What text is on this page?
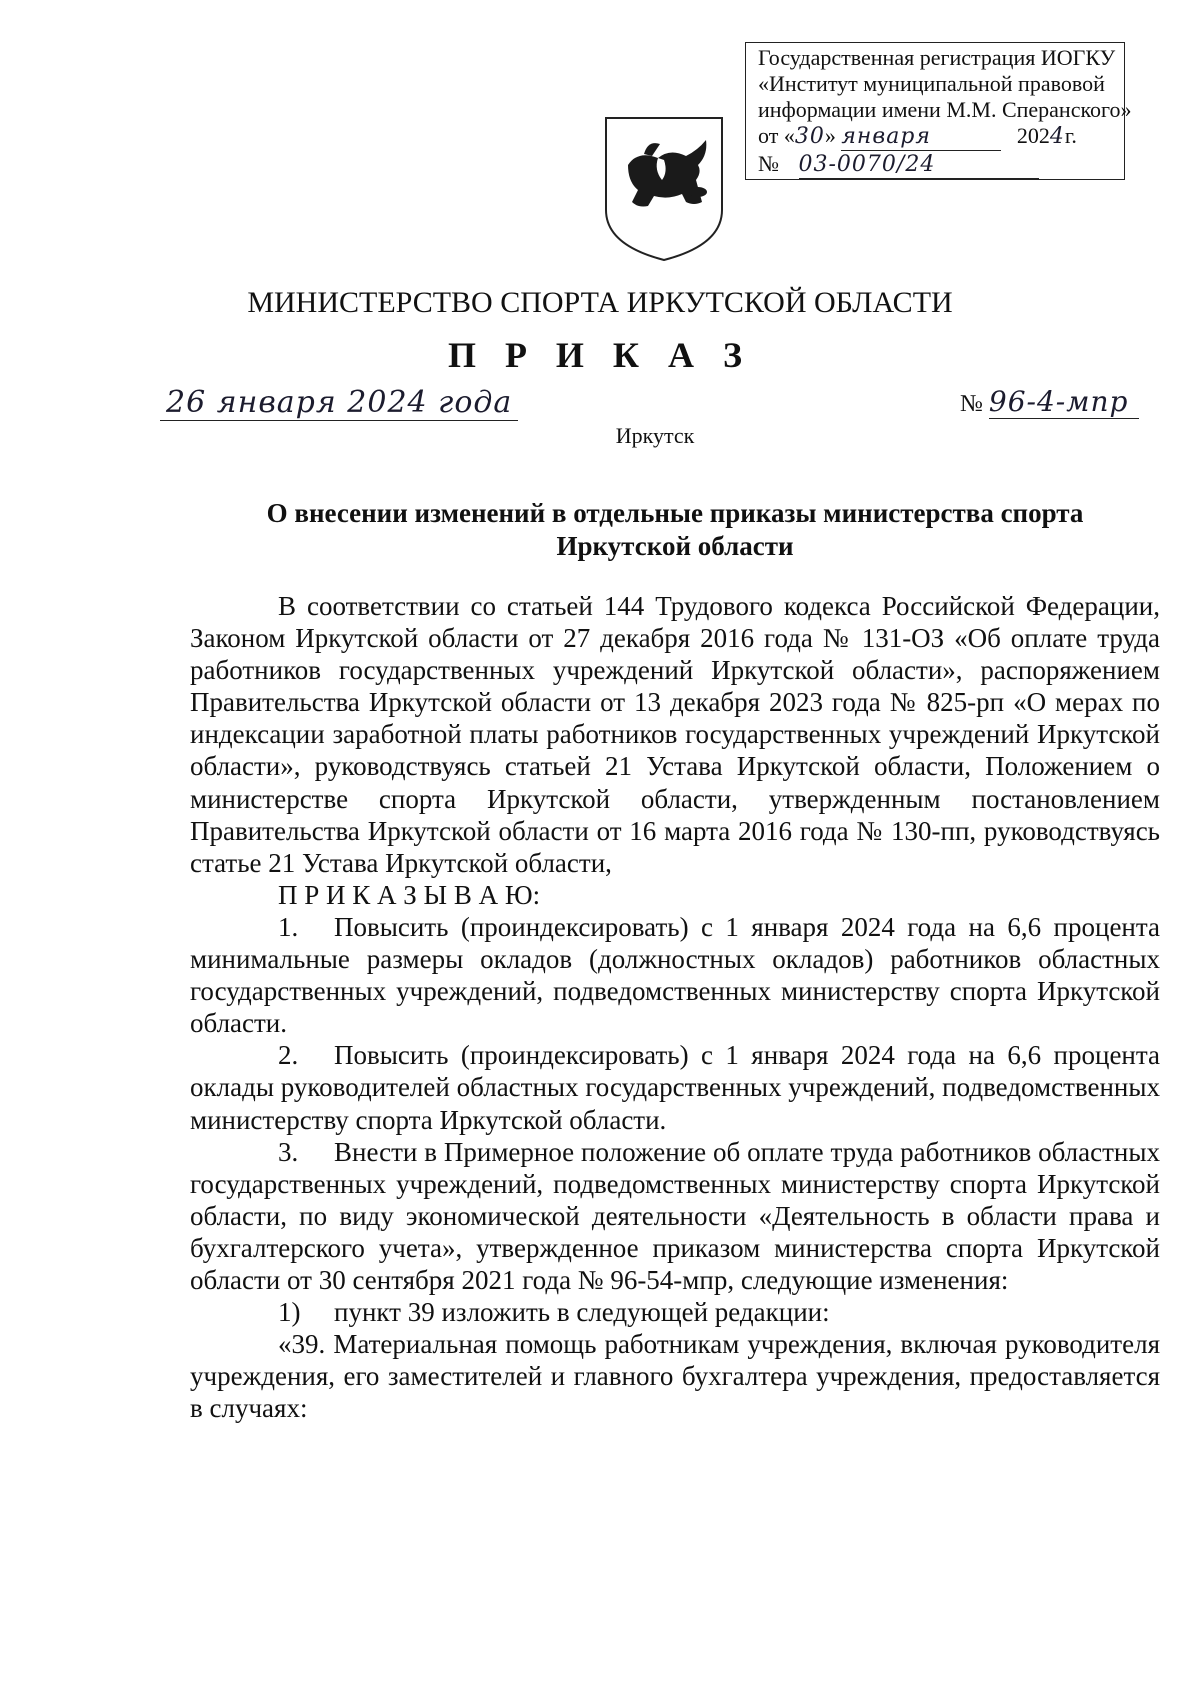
Государственная регистрация ИОГКУ
«Институт муниципальной правовой
информации имени М.М. Сперанского»
от «30» января	2024г.
№ 03-0070/24
МИНИСТЕРСТВО СПОРТА ИРКУТСКОЙ ОБЛАСТИ
П Р И К А З
26 января 2024 года	№ 96-4-мпр
Иркутск
О внесении изменений в отдельные приказы министерства спорта
Иркутской области

В соответствии со статьей 144 Трудового кодекса Российской Федерации, Законом Иркутской области от 27 декабря 2016 года № 131-ОЗ «Об оплате труда работников государственных учреждений Иркутской области», распоряжением Правительства Иркутской области от 13 декабря 2023 года № 825-рп «О мерах по индексации заработной платы работников государственных учреждений Иркутской области», руководствуясь статьей 21 Устава Иркутской области, Положением о министерстве спорта Иркутской области, утвержденным постановлением Правительства Иркутской области от 16 марта 2016 года № 130-пп, руководствуясь статье 21 Устава Иркутской области,

П Р И К А З Ы В А Ю:

1. Повысить (проиндексировать) с 1 января 2024 года на 6,6 процента минимальные размеры окладов (должностных окладов) работников областных государственных учреждений, подведомственных министерству спорта Иркутской области.

2. Повысить (проиндексировать) с 1 января 2024 года на 6,6 процента оклады руководителей областных государственных учреждений, подведомственных министерству спорта Иркутской области.

3. Внести в Примерное положение об оплате труда работников областных государственных учреждений, подведомственных министерству спорта Иркутской области, по виду экономической деятельности «Деятельность в области права и бухгалтерского учета», утвержденное приказом министерства спорта Иркутской области от 30 сентября 2021 года № 96-54-мпр, следующие изменения:

1) пункт 39 изложить в следующей редакции:

«39. Материальная помощь работникам учреждения, включая руководителя учреждения, его заместителей и главного бухгалтера учреждения, предоставляется в случаях:
